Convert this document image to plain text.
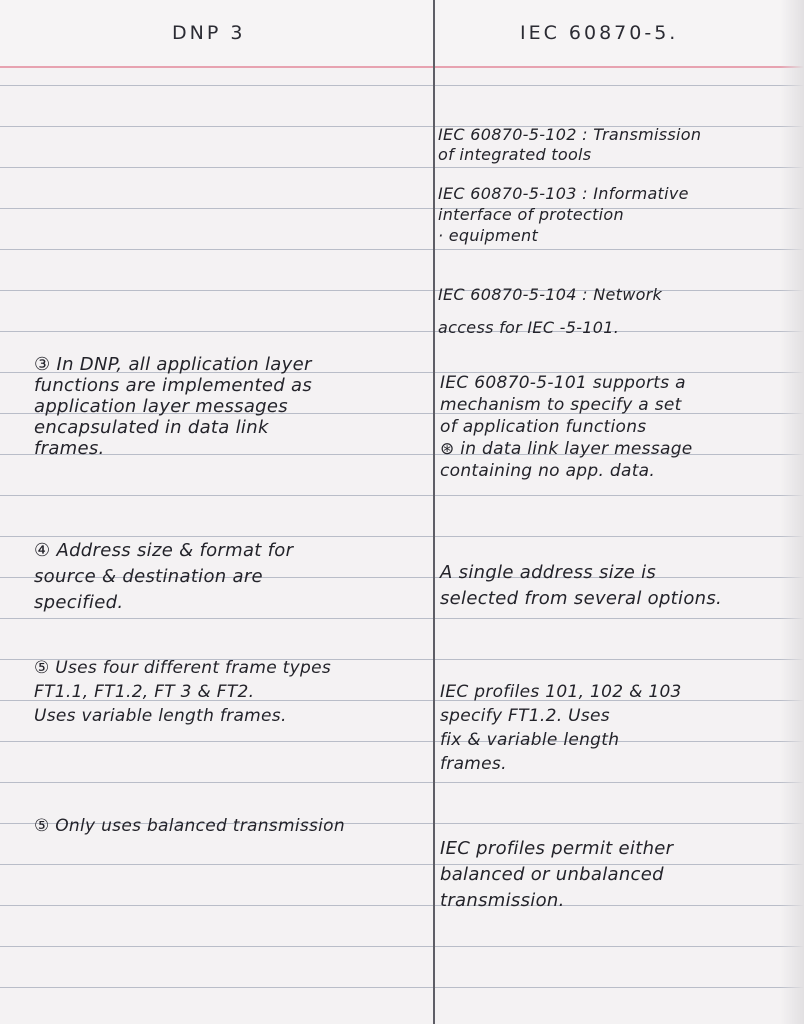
DNP 3	IEC 60870-5.
IEC 60870-5-102 : Transmission
of integrated tools
IEC 60870-5-103 : Informative
interface of protection
· equipment
IEC 60870-5-104 : Network
access for IEC -5-101.
③ In DNP, all application layer
functions are implemented as
application layer messages
encapsulated in data link
frames.
IEC 60870-5-101 supports a
mechanism to specify a set
of application functions
⊛ in data link layer message
containing no app. data.
④ Address size & format for
source & destination are
specified.
A single address size is
selected from several options.
⑤ Uses four different frame types
FT1.1, FT1.2, FT 3 & FT2.
Uses variable length frames.
IEC profiles 101, 102 & 103
specify FT1.2. Uses
fix & variable length
frames.
⑤ Only uses balanced transmission
IEC profiles permit either
balanced or unbalanced
transmission.
